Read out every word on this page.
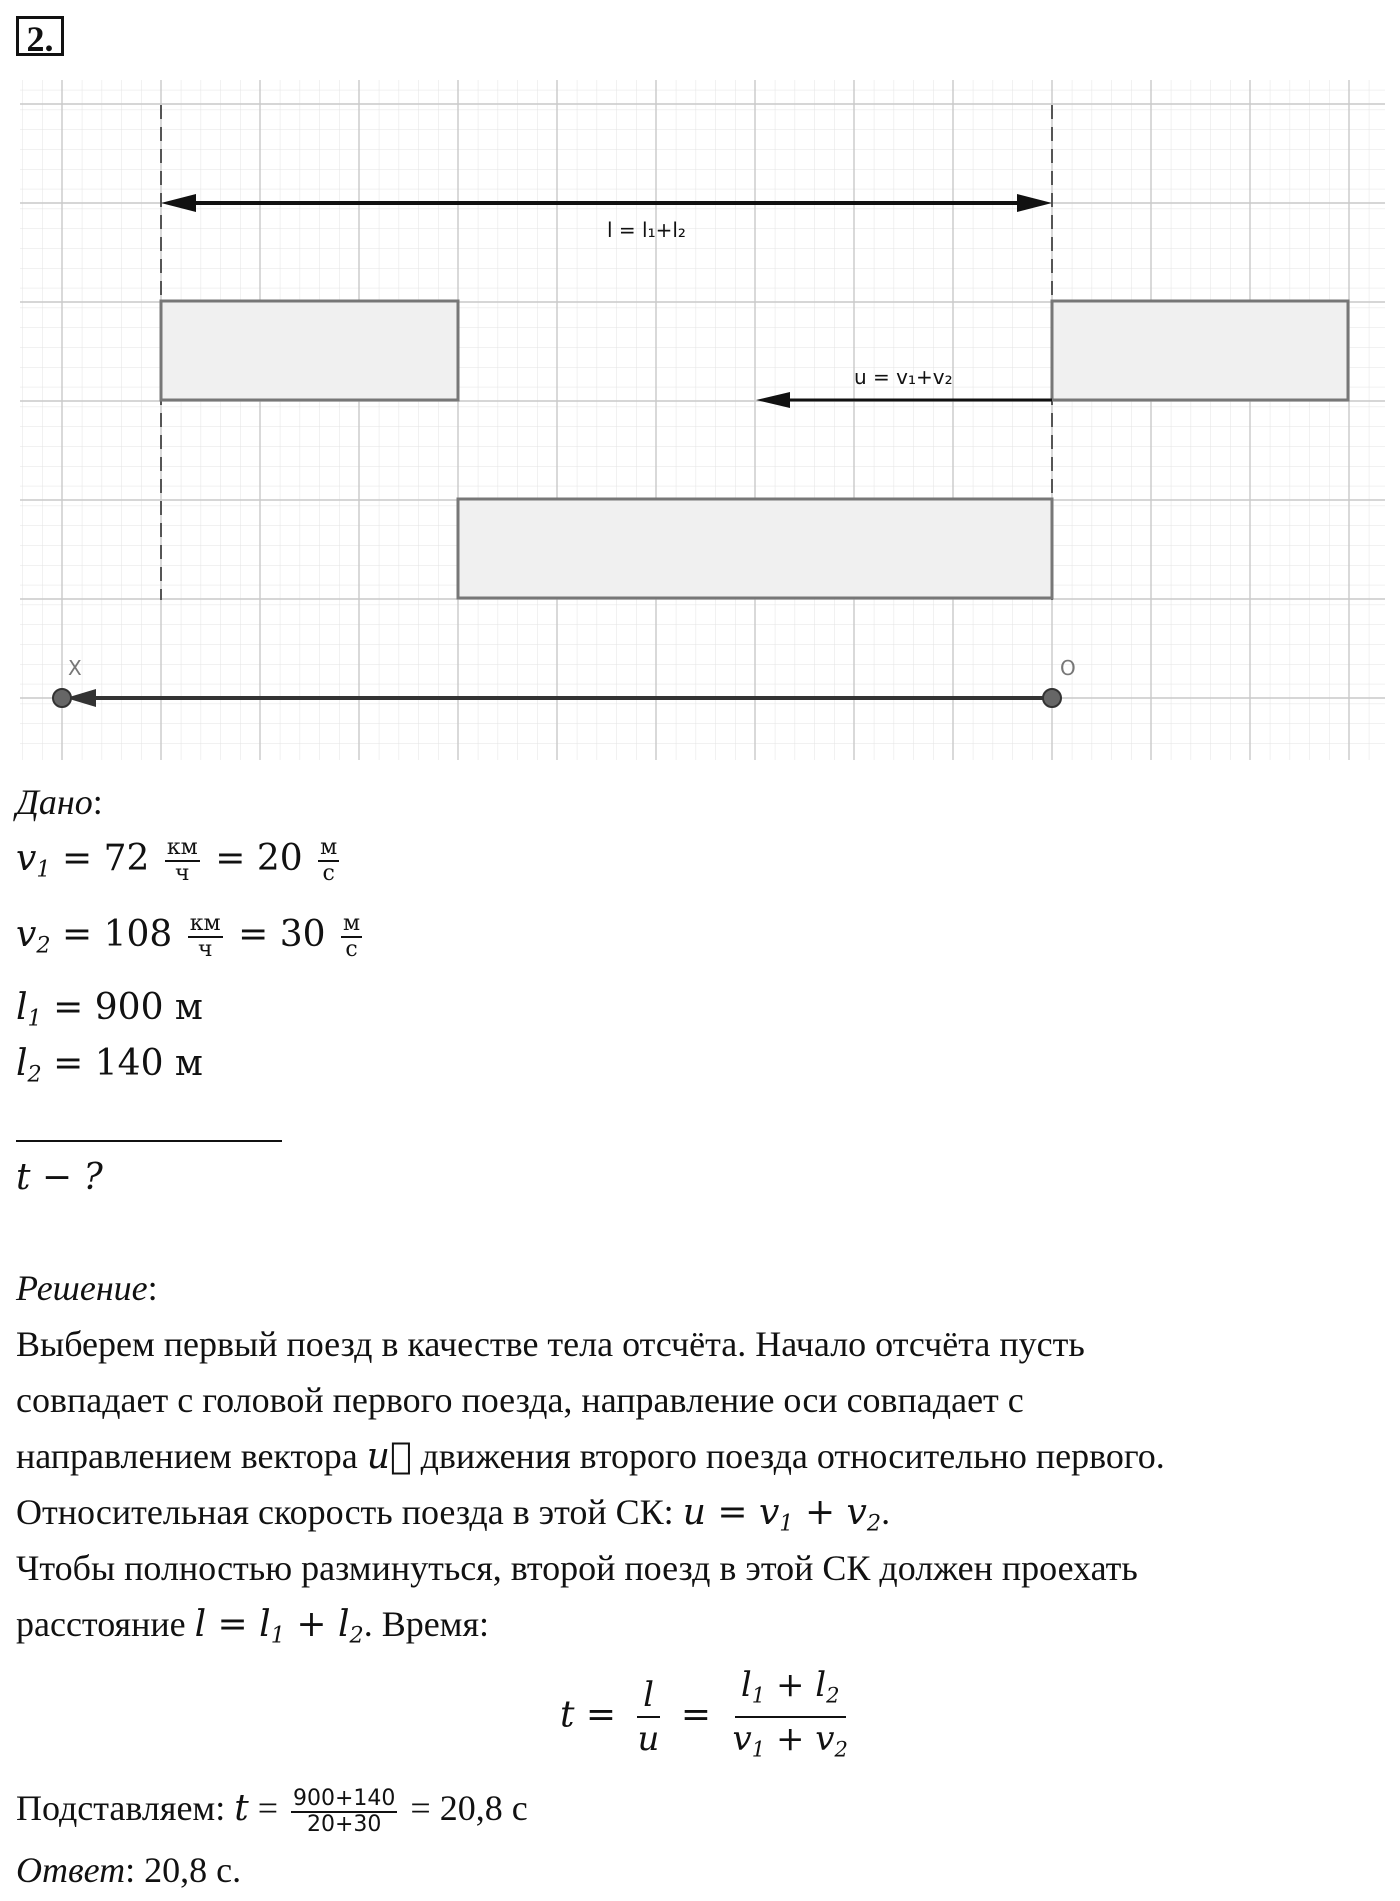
2.
l = l₁+l₂
u = v₁+v₂
X	O
Дано:
$v_1 = 72 \frac{км}{ч} = 20 \frac{м}{с}$
$v_2 = 108 \frac{км}{ч} = 30 \frac{м}{с}$
$l_1 = 900$ м
$l_2 = 140$ м
t − ?
Решение:
Выберем первый поезд в качестве тела отсчёта. Начало отсчёта пусть
совпадает с головой первого поезда, направление оси совпадает с
направлением вектора u⃗ движения второго поезда относительно первого.
Относительная скорость поезда в этой СК: $u = v_1 + v_2$.
Чтобы полностью разминуться, второй поезд в этой СК должен проехать
расстояние $l = l_1 + l_2$. Время:
$t = \frac{l}{u} = \frac{l_1 + l_2}{v_1 + v_2}$
Подставляем: $t = \frac{900+140}{20+30} = 20,8$ с
Ответ: 20,8 с.
